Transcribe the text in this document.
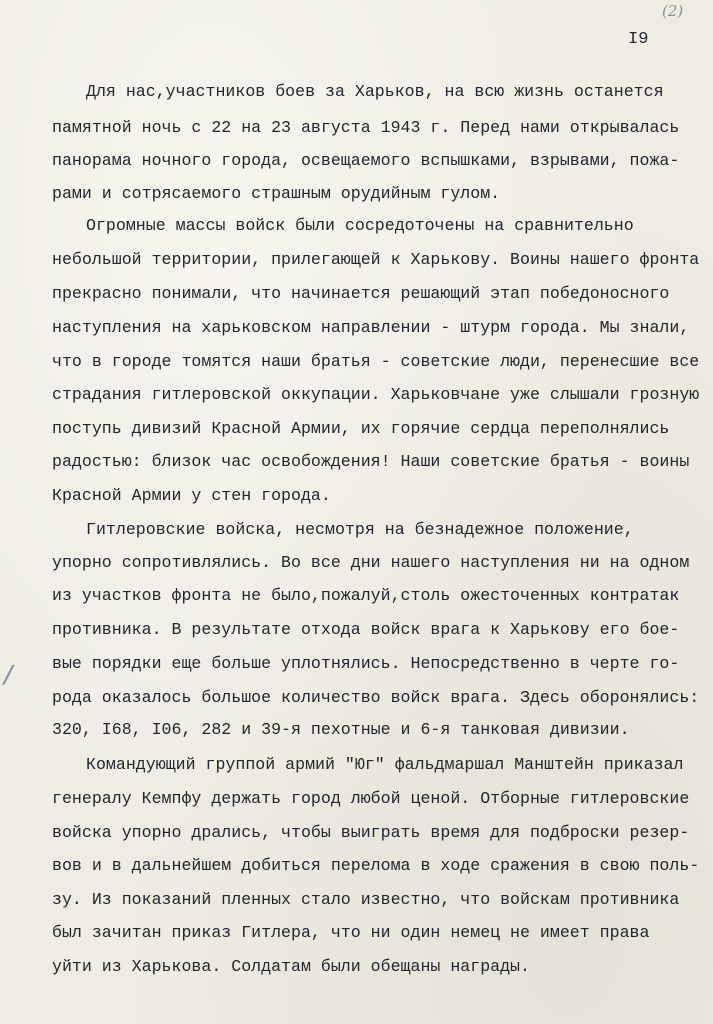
(2)
I9
/
Для нас,участников боев за Харьков, на всю жизнь останется
памятной ночь с 22 на 23 августа 1943 г. Перед нами открывалась
панорама ночного города, освещаемого вспышками, взрывами, пожа-
рами и сотрясаемого страшным орудийным гулом.
Огромные массы войск были сосредоточены на сравнительно
небольшой территории, прилегающей к Харькову. Воины нашего фронта
прекрасно понимали, что начинается решающий этап победоносного
наступления на харьковском направлении - штурм города. Мы знали,
что в городе томятся наши братья - советские люди, перенесшие все
страдания гитлеровской оккупации. Харьковчане уже слышали грозную
поступь дивизий Красной Армии, их горячие сердца переполнялись
радостью: близок час освобождения! Наши советские братья - воины
Красной Армии у стен города.
Гитлеровские войска, несмотря на безнадежное положение,
упорно сопротивлялись. Во все дни нашего наступления ни на одном
из участков фронта не было,пожалуй,столь ожесточенных контратак
противника. В результате отхода войск врага к Харькову его бое-
вые порядки еще больше уплотнялись. Непосредственно в черте го-
рода оказалось большое количество войск врага. Здесь оборонялись:
320, I68, I06, 282 и 39-я пехотные и 6-я танковая дивизии.
Командующий группой армий "Юг" фальдмаршал Манштейн приказал
генералу Кемпфу держать город любой ценой. Отборные гитлеровские
войска упорно дрались, чтобы выиграть время для подброски резер-
вов и в дальнейшем добиться перелома в ходе сражения в свою поль-
зу. Из показаний пленных стало известно, что войскам противника
был зачитан приказ Гитлера, что ни один немец не имеет права
уйти из Харькова. Солдатам были обещаны награды.
